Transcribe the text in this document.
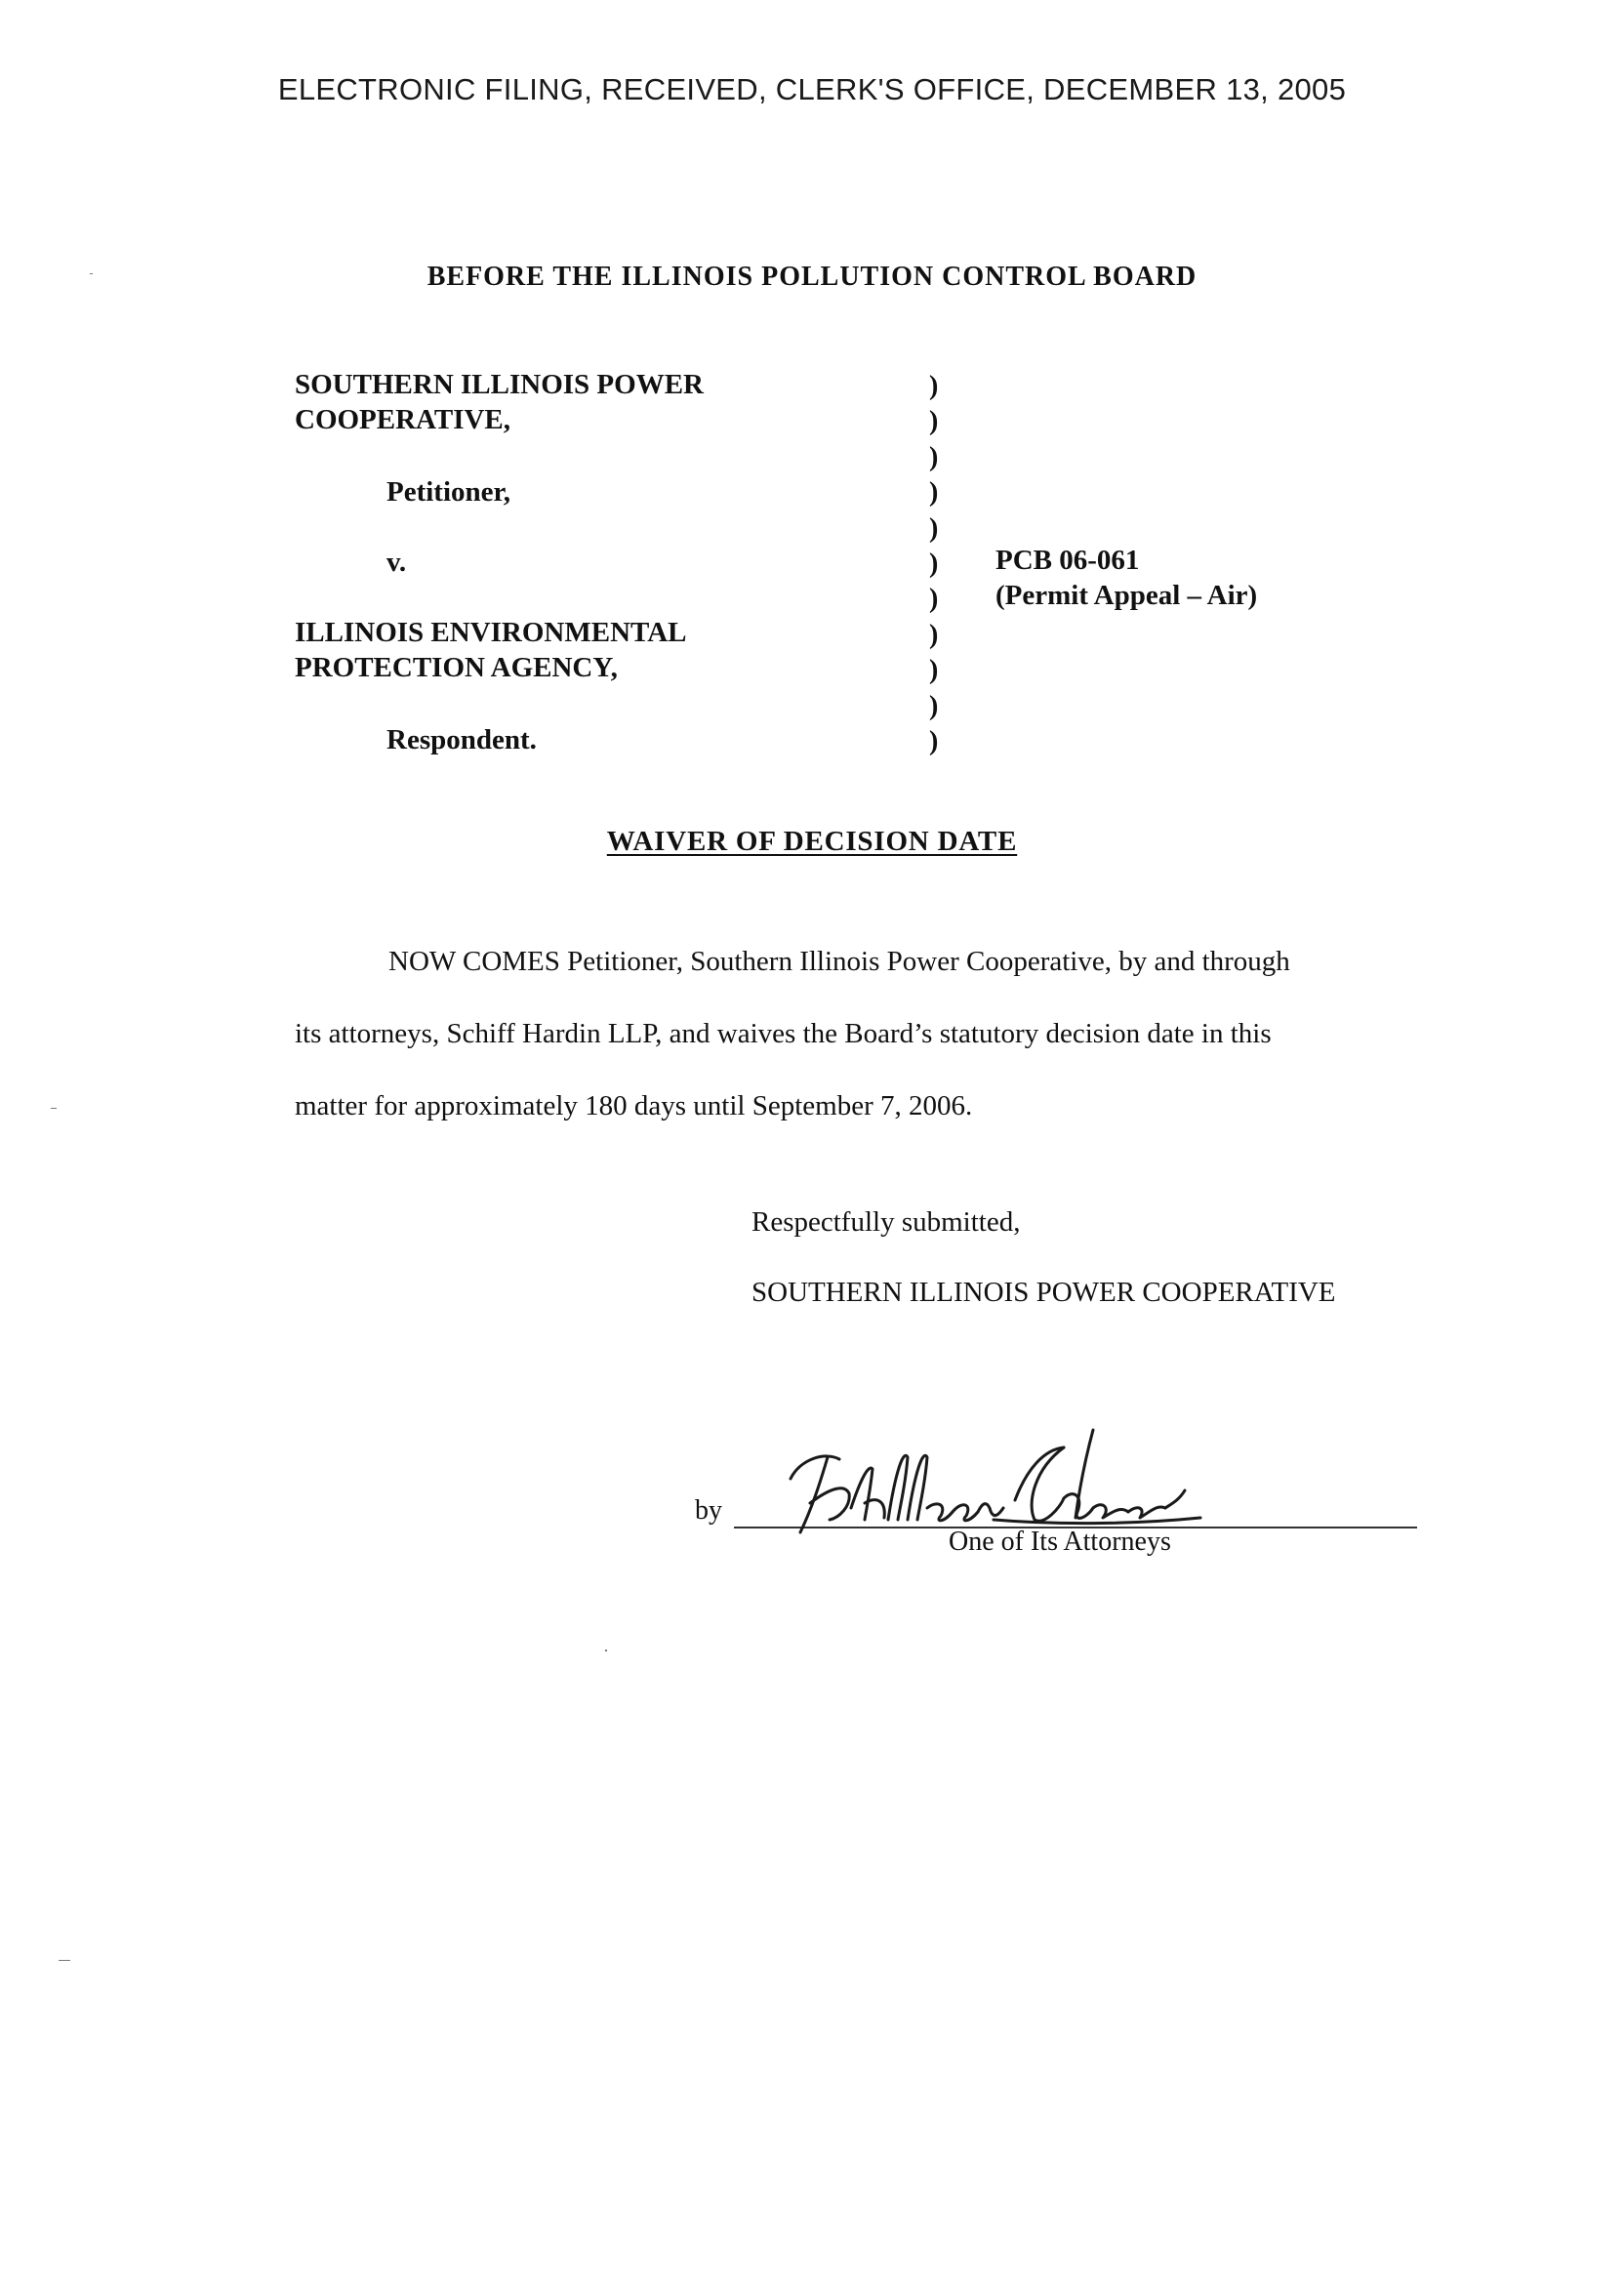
ELECTRONIC FILING, RECEIVED, CLERK'S OFFICE, DECEMBER 13, 2005
BEFORE THE ILLINOIS POLLUTION CONTROL BOARD
SOUTHERN ILLINOIS POWER
COOPERATIVE,
Petitioner,
v.
ILLINOIS ENVIRONMENTAL
PROTECTION AGENCY,
Respondent.
)
)
)
)
)
)
)
)
)
)
)
PCB 06-061
(Permit Appeal – Air)
WAIVER OF DECISION DATE
NOW COMES Petitioner, Southern Illinois Power Cooperative, by and through
its attorneys, Schiff Hardin LLP, and waives the Board’s statutory decision date in this
matter for approximately 180 days until September 7, 2006.
Respectfully submitted,
SOUTHERN ILLINOIS POWER COOPERATIVE
by
One of Its Attorneys
